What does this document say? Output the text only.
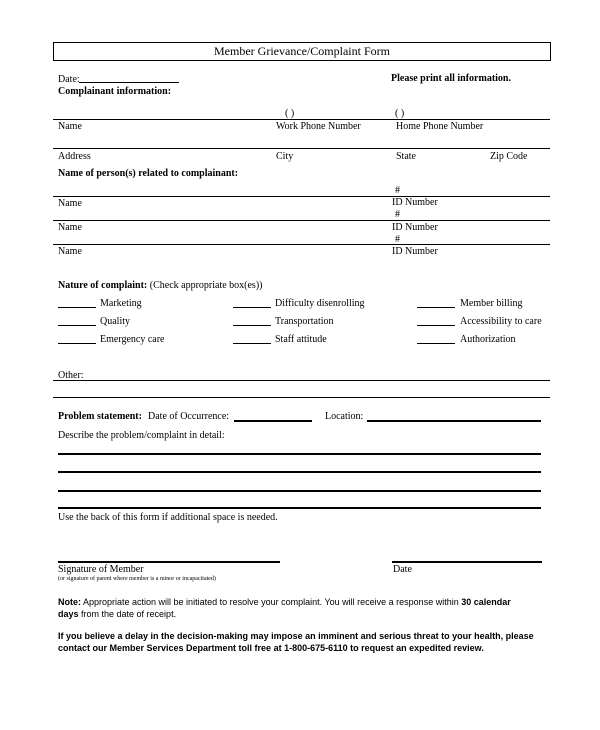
Member Grievance/Complaint Form
Date:	Please print all information.
Complainant information:
( )	( )
Name	Work Phone Number	Home Phone Number
Address	City	State	Zip Code
Name of person(s) related to complainant:
#
Name	ID Number
#
Name	ID Number
#
Name	ID Number
Nature of complaint: (Check appropriate box(es))
Marketing
Quality
Emergency care
Difficulty disenrolling
Transportation
Staff attitude
Member billing
Accessibility to care
Authorization
Other:
Problem statement: Date of Occurrence:	Location:
Describe the problem/complaint in detail:
Use the back of this form if additional space is needed.
Signature of Member
(or signature of parent where member is a minor or incapacitated)
Date
Note: Appropriate action will be initiated to resolve your complaint. You will receive a response within 30 calendar
days from the date of receipt.
If you believe a delay in the decision-making may impose an imminent and serious threat to your health, please
contact our Member Services Department toll free at 1-800-675-6110 to request an expedited review.
